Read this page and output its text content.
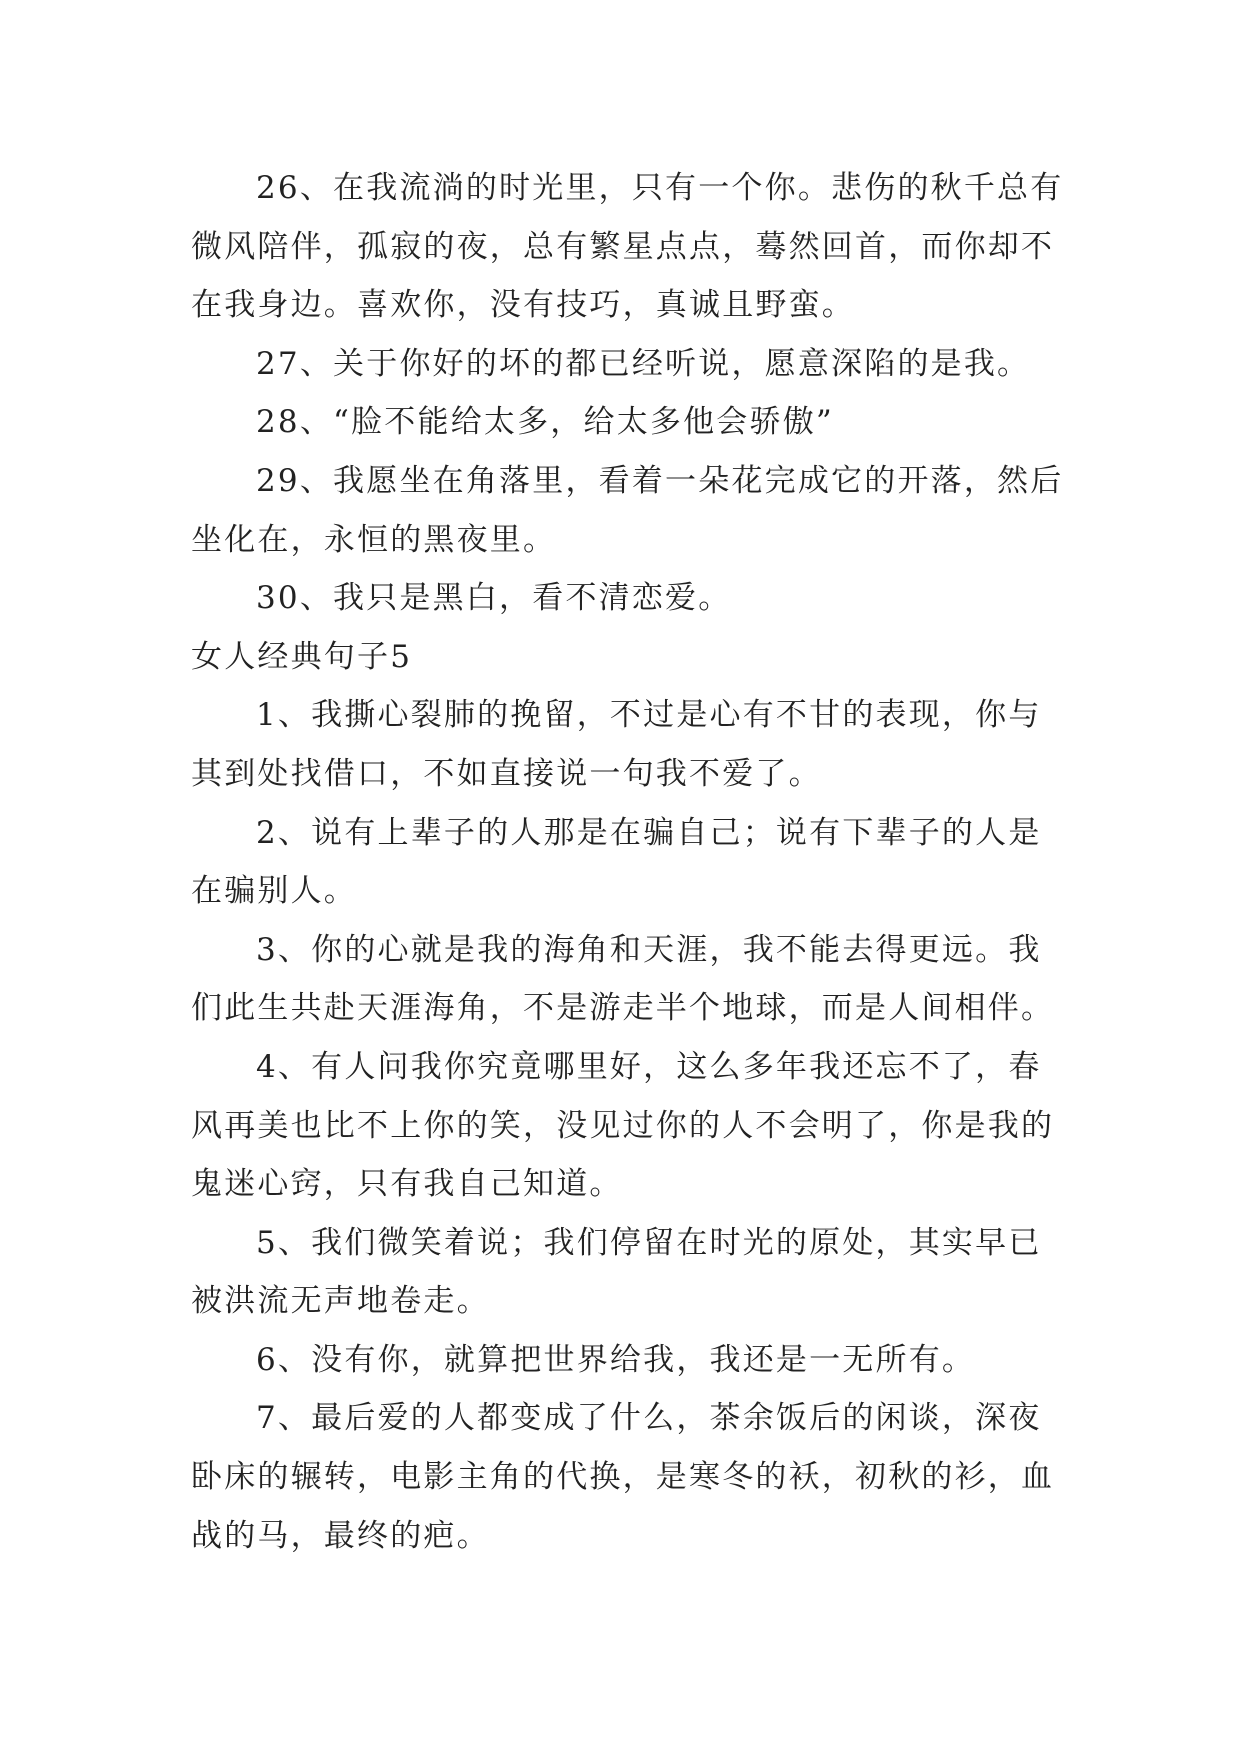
26、在我流淌的时光里，只有一个你。悲伤的秋千总有
微风陪伴，孤寂的夜，总有繁星点点，蓦然回首，而你却不
在我身边。喜欢你，没有技巧，真诚且野蛮。
27、关于你好的坏的都已经听说，愿意深陷的是我。
28、“脸不能给太多，给太多他会骄傲”
29、我愿坐在角落里，看着一朵花完成它的开落，然后
坐化在，永恒的黑夜里。
30、我只是黑白，看不清恋爱。
女人经典句子5
1、我撕心裂肺的挽留，不过是心有不甘的表现，你与
其到处找借口，不如直接说一句我不爱了。
2、说有上辈子的人那是在骗自己；说有下辈子的人是
在骗别人。
3、你的心就是我的海角和天涯，我不能去得更远。我
们此生共赴天涯海角，不是游走半个地球，而是人间相伴。
4、有人问我你究竟哪里好，这么多年我还忘不了，春
风再美也比不上你的笑，没见过你的人不会明了，你是我的
鬼迷心窍，只有我自己知道。
5、我们微笑着说；我们停留在时光的原处，其实早已
被洪流无声地卷走。
6、没有你，就算把世界给我，我还是一无所有。
7、最后爱的人都变成了什么，茶余饭后的闲谈，深夜
卧床的辗转，电影主角的代换，是寒冬的袄，初秋的衫，血
战的马，最终的疤。
